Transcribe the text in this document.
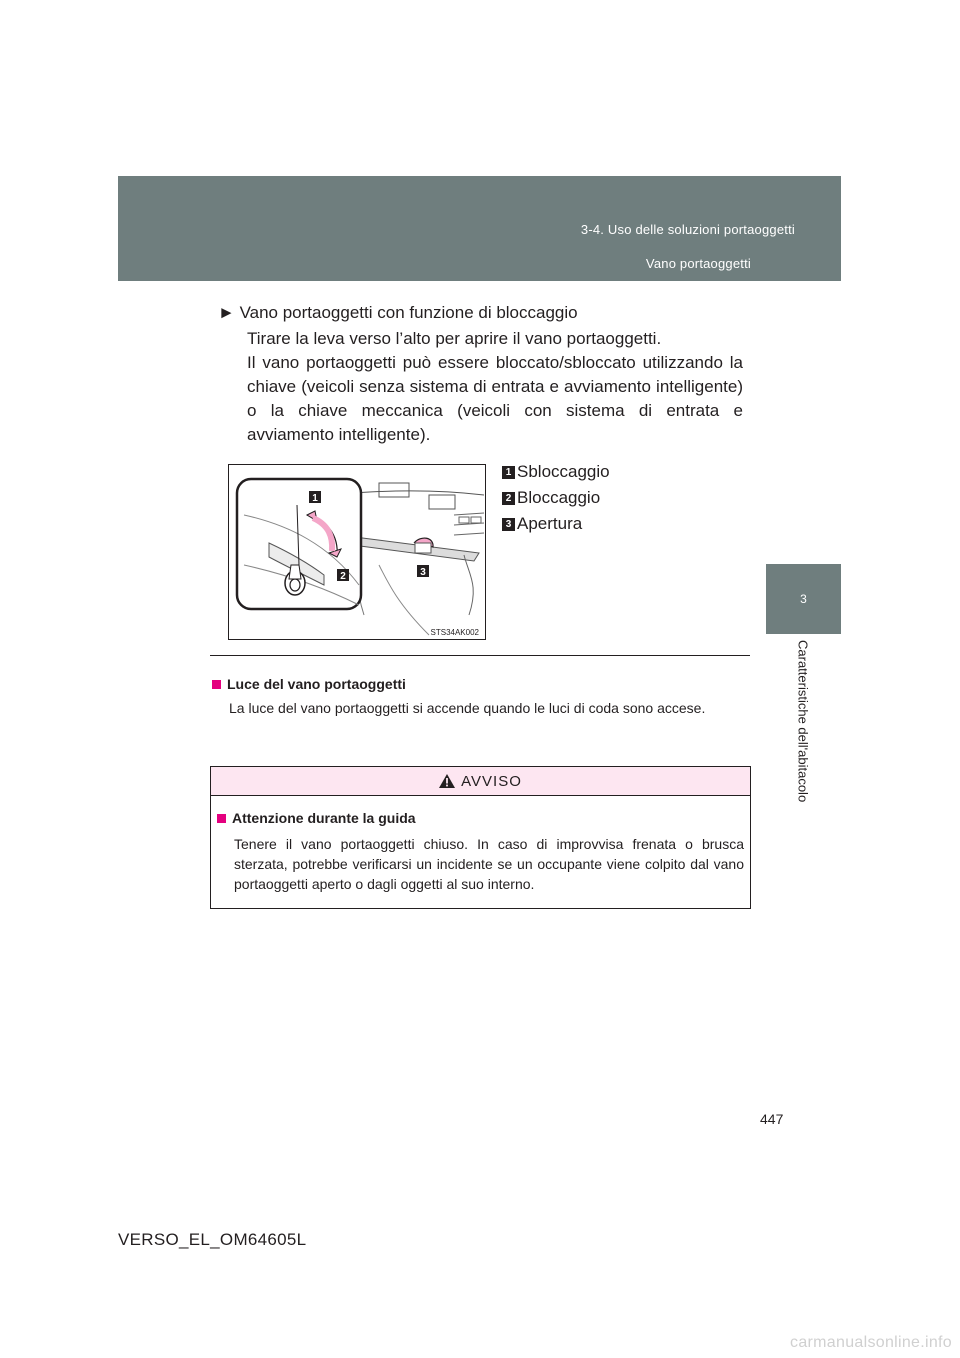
3-4. Uso delle soluzioni portaoggetti
Vano portaoggetti
3
Caratteristiche dell'abitacolo
► Vano portaoggetti con funzione di bloccaggio

Tirare la leva verso l’alto per aprire il vano portaoggetti.

Il vano portaoggetti può essere bloccato/sbloccato utilizzando la chiave (veicoli senza sistema di entrata e avviamento intelligente) o la chiave meccanica (veicoli con sistema di entrata e avviamento intelligente).

1
2	3
STS34AK002
1 Sbloccaggio
2 Bloccaggio
3 Apertura
Luce del vano portaoggetti
La luce del vano portaoggetti si accende quando le luci di coda sono accese.
AVVISO
Attenzione durante la guida
Tenere il vano portaoggetti chiuso. In caso di improvvisa frenata o brusca sterzata, potrebbe verificarsi un incidente se un occupante viene colpito dal vano portaoggetti aperto o dagli oggetti al suo interno.
447
VERSO_EL_OM64605L
carmanualsonline.info
